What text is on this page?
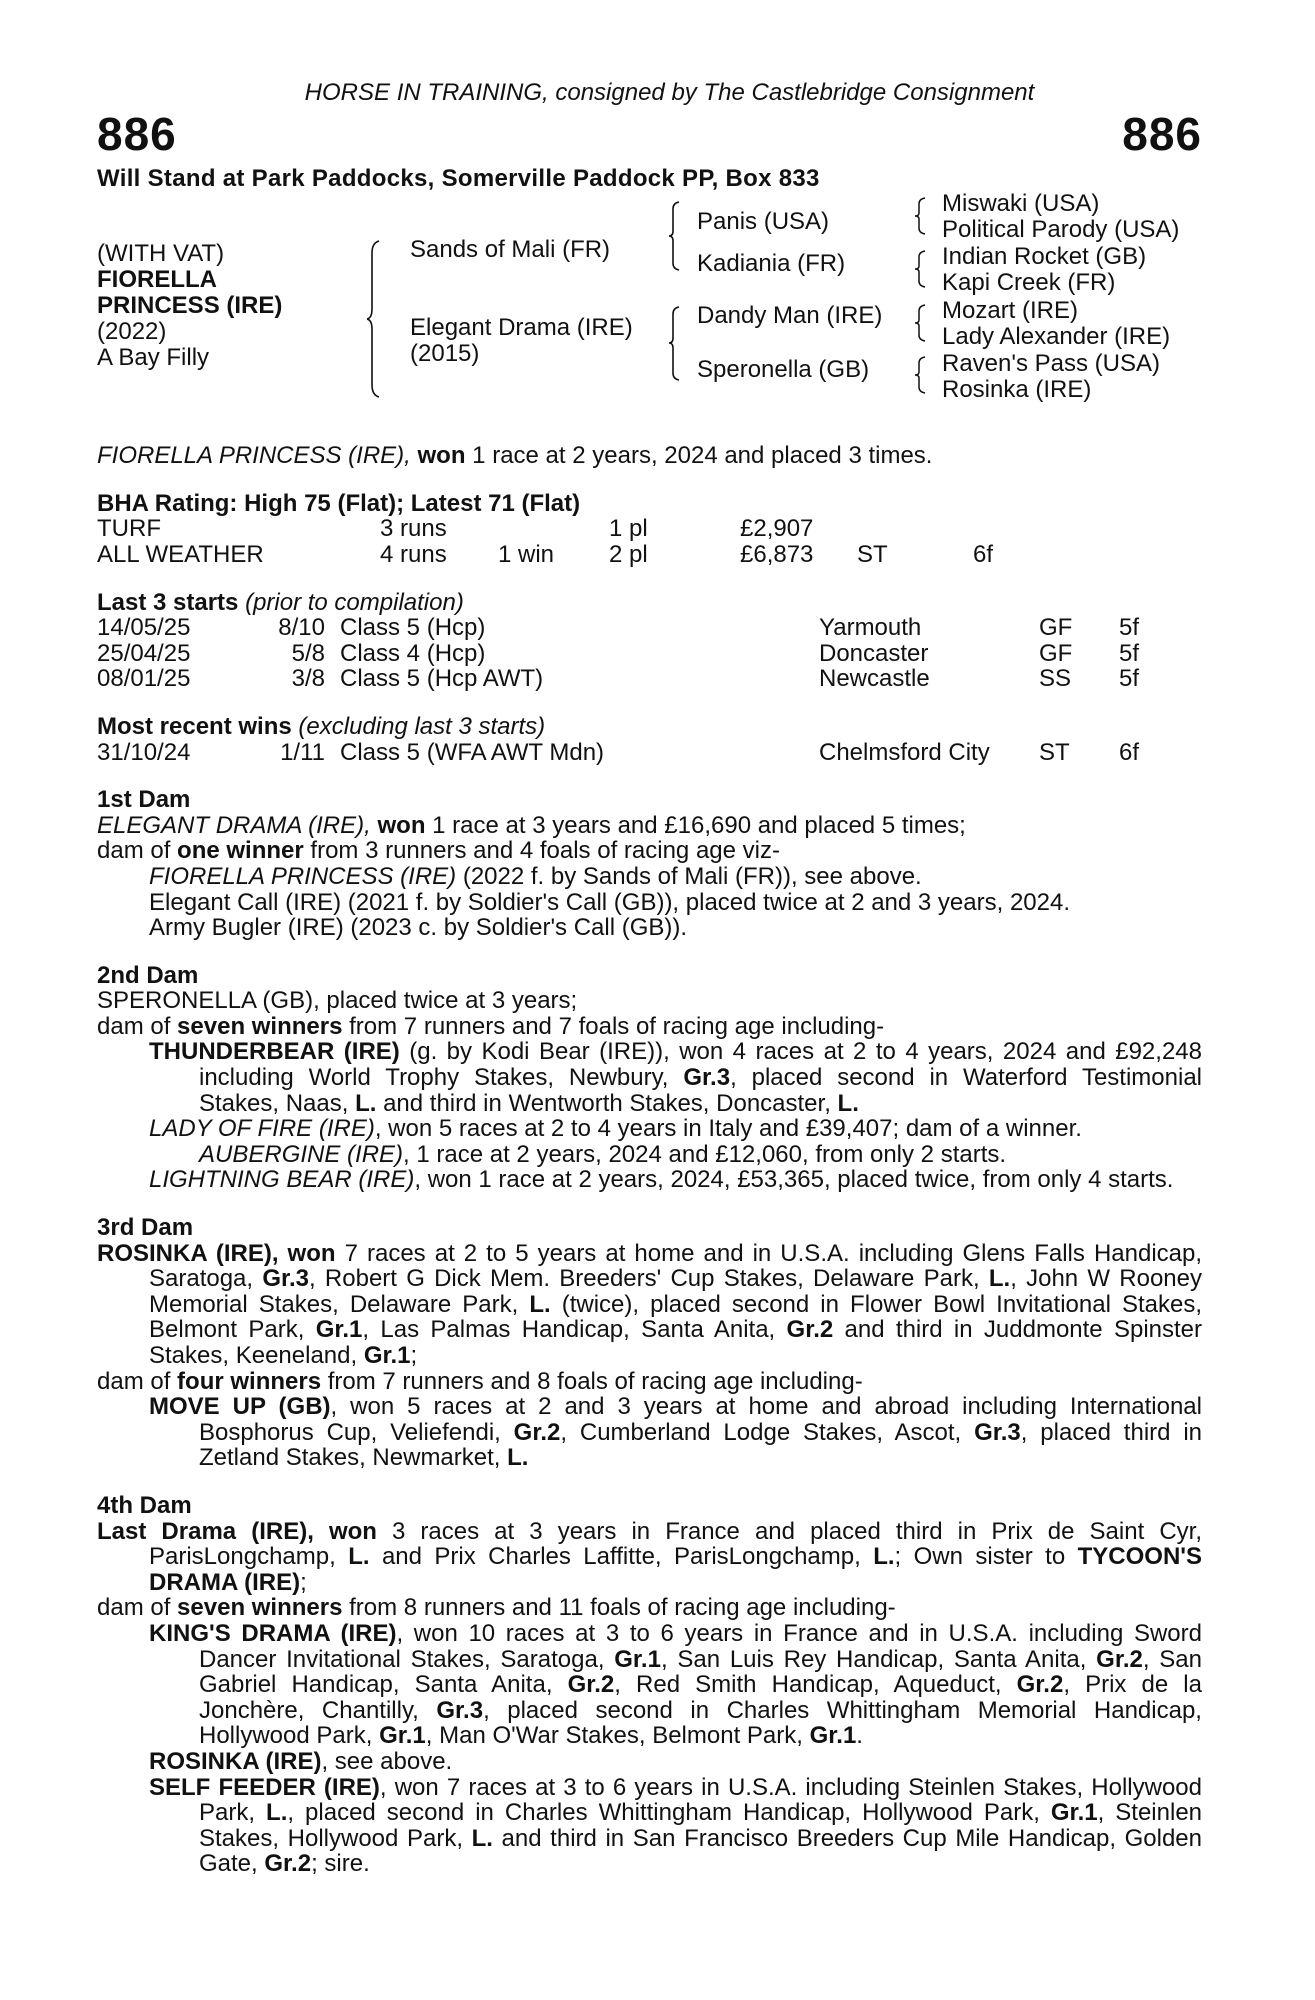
HORSE IN TRAINING, consigned by The Castlebridge Consignment
886	886
Will Stand at Park Paddocks, Somerville Paddock PP, Box 833
(WITH VAT)
FIORELLA
PRINCESS (IRE)
(2022)
A Bay Filly
Sands of Mali (FR)
Elegant Drama (IRE)
(2015)
Panis (USA)
Kadiania (FR)
Dandy Man (IRE)
Speronella (GB)
Miswaki (USA)
Political Parody (USA)
Indian Rocket (GB)
Kapi Creek (FR)
Mozart (IRE)
Lady Alexander (IRE)
Raven's Pass (USA)
Rosinka (IRE)

FIORELLA PRINCESS (IRE), won 1 race at 2 years, 2024 and placed 3 times.

BHA Rating: High 75 (Flat); Latest 71 (Flat)

TURF	3 runs	1 pl	£2,907
ALL WEATHER	4 runs 1 win 2 pl	£6,873 ST	6f

Last 3 starts (prior to compilation)

14/05/25	8/10 Class 5 (Hcp)	Yarmouth	GF 5f
25/04/25	5/8 Class 4 (Hcp)	Doncaster	GF 5f
08/01/25	3/8 Class 5 (Hcp AWT)	Newcastle	SS 5f

Most recent wins (excluding last 3 starts)

31/10/24	1/11 Class 5 (WFA AWT Mdn)	Chelmsford City ST 6f

1st Dam

ELEGANT DRAMA (IRE), won 1 race at 3 years and £16,690 and placed 5 times;

dam of one winner from 3 runners and 4 foals of racing age viz-

FIORELLA PRINCESS (IRE) (2022 f. by Sands of Mali (FR)), see above.

Elegant Call (IRE) (2021 f. by Soldier's Call (GB)), placed twice at 2 and 3 years, 2024.

Army Bugler (IRE) (2023 c. by Soldier's Call (GB)).

2nd Dam

SPERONELLA (GB), placed twice at 3 years;

dam of seven winners from 7 runners and 7 foals of racing age including-

THUNDERBEAR (IRE) (g. by Kodi Bear (IRE)), won 4 races at 2 to 4 years, 2024 and £92,248 including World Trophy Stakes, Newbury, Gr.3, placed second in Waterford Testimonial Stakes, Naas, L. and third in Wentworth Stakes, Doncaster, L.

LADY OF FIRE (IRE), won 5 races at 2 to 4 years in Italy and £39,407; dam of a winner.

AUBERGINE (IRE), 1 race at 2 years, 2024 and £12,060, from only 2 starts.

LIGHTNING BEAR (IRE), won 1 race at 2 years, 2024, £53,365, placed twice, from only 4 starts.

3rd Dam

ROSINKA (IRE), won 7 races at 2 to 5 years at home and in U.S.A. including Glens Falls Handicap, Saratoga, Gr.3, Robert G Dick Mem. Breeders' Cup Stakes, Delaware Park, L., John W Rooney Memorial Stakes, Delaware Park, L. (twice), placed second in Flower Bowl Invitational Stakes, Belmont Park, Gr.1, Las Palmas Handicap, Santa Anita, Gr.2 and third in Juddmonte Spinster Stakes, Keeneland, Gr.1;

dam of four winners from 7 runners and 8 foals of racing age including-

MOVE UP (GB), won 5 races at 2 and 3 years at home and abroad including International Bosphorus Cup, Veliefendi, Gr.2, Cumberland Lodge Stakes, Ascot, Gr.3, placed third in Zetland Stakes, Newmarket, L.

4th Dam

Last Drama (IRE), won 3 races at 3 years in France and placed third in Prix de Saint Cyr, ParisLongchamp, L. and Prix Charles Laffitte, ParisLongchamp, L.; Own sister to TYCOON'S DRAMA (IRE);

dam of seven winners from 8 runners and 11 foals of racing age including-

KING'S DRAMA (IRE), won 10 races at 3 to 6 years in France and in U.S.A. including Sword Dancer Invitational Stakes, Saratoga, Gr.1, San Luis Rey Handicap, Santa Anita, Gr.2, San Gabriel Handicap, Santa Anita, Gr.2, Red Smith Handicap, Aqueduct, Gr.2, Prix de la Jonchère, Chantilly, Gr.3, placed second in Charles Whittingham Memorial Handicap, Hollywood Park, Gr.1, Man O'War Stakes, Belmont Park, Gr.1.

ROSINKA (IRE), see above.

SELF FEEDER (IRE), won 7 races at 3 to 6 years in U.S.A. including Steinlen Stakes, Hollywood Park, L., placed second in Charles Whittingham Handicap, Hollywood Park, Gr.1, Steinlen Stakes, Hollywood Park, L. and third in San Francisco Breeders Cup Mile Handicap, Golden Gate, Gr.2; sire.
